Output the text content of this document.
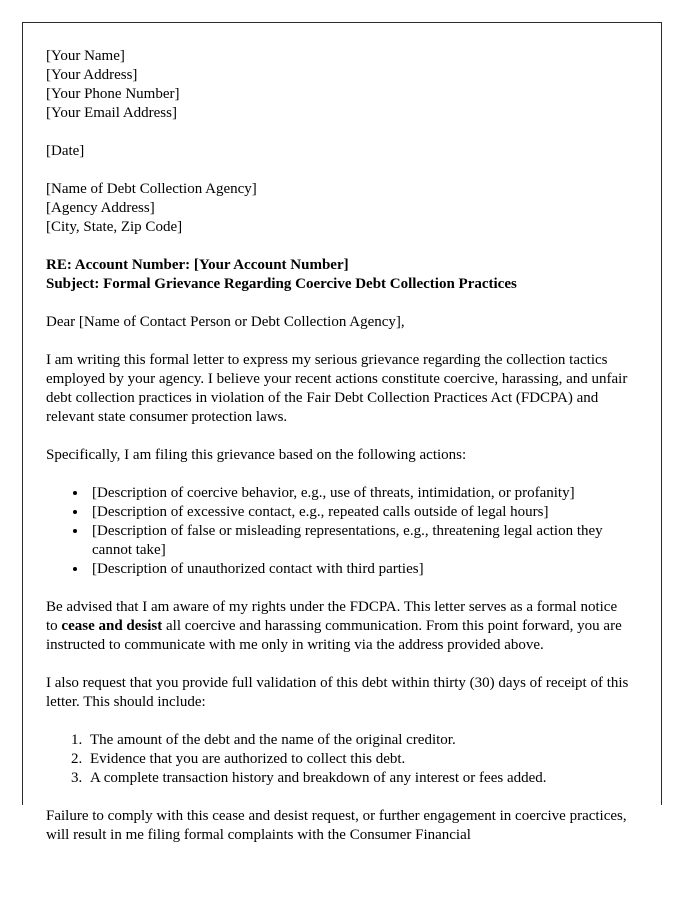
[Your Name]
[Your Address]
[Your Phone Number]
[Your Email Address]
[Date]
[Name of Debt Collection Agency]
[Agency Address]
[City, State, Zip Code]
RE: Account Number: [Your Account Number]
Subject: Formal Grievance Regarding Coercive Debt Collection Practices

Dear [Name of Contact Person or Debt Collection Agency],

I am writing this formal letter to express my serious grievance regarding the collection tactics employed by your agency. I believe your recent actions constitute coercive, harassing, and unfair debt collection practices in violation of the Fair Debt Collection Practices Act (FDCPA) and relevant state consumer protection laws.

Specifically, I am filing this grievance based on the following actions:

• [Description of coercive behavior, e.g., use of threats, intimidation, or profanity]
• [Description of excessive contact, e.g., repeated calls outside of legal hours]
• [Description of false or misleading representations, e.g., threatening legal action they cannot take]
• [Description of unauthorized contact with third parties]

Be advised that I am aware of my rights under the FDCPA. This letter serves as a formal notice to cease and desist all coercive and harassing communication. From this point forward, you are instructed to communicate with me only in writing via the address provided above.

I also request that you provide full validation of this debt within thirty (30) days of receipt of this letter. This should include:

1. The amount of the debt and the name of the original creditor.
2. Evidence that you are authorized to collect this debt.
3. A complete transaction history and breakdown of any interest or fees added.

Failure to comply with this cease and desist request, or further engagement in coercive practices, will result in me filing formal complaints with the Consumer Financial
